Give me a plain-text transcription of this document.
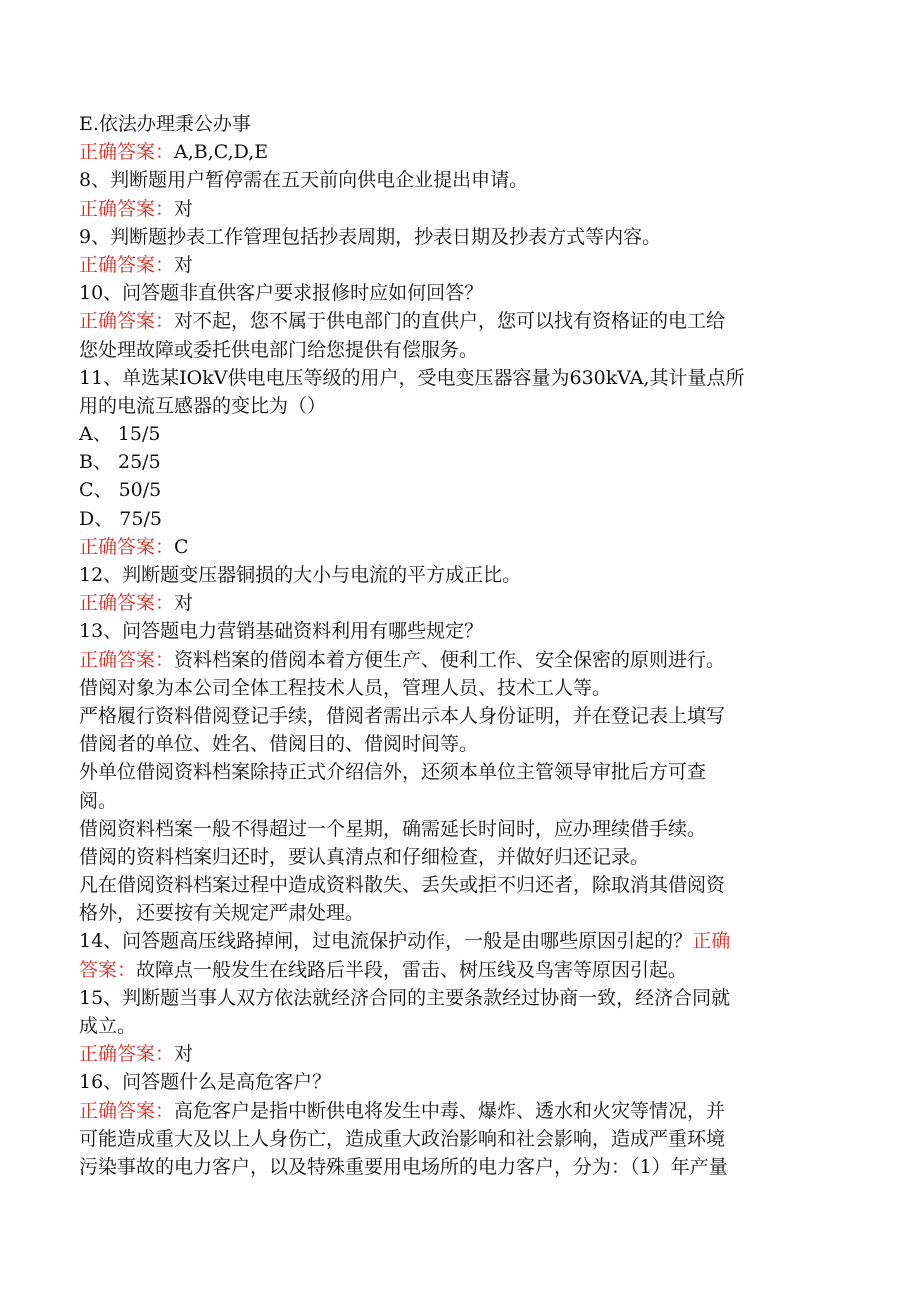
E.依法办理秉公办事
正确答案：A,B,C,D,E
8、判断题用户暂停需在五天前向供电企业提出申请。
正确答案：对
9、判断题抄表工作管理包括抄表周期，抄表日期及抄表方式等内容。
正确答案：对
10、问答题非直供客户要求报修时应如何回答？
正确答案：对不起，您不属于供电部门的直供户，您可以找有资格证的电工给
您处理故障或委托供电部门给您提供有偿服务。
11、单选某IOkV供电电压等级的用户，受电变压器容量为630kVA,其计量点所
用的电流互感器的变比为（）
A、 15/5
B、 25/5
C、 50/5
D、 75/5
正确答案：C
12、判断题变压器铜损的大小与电流的平方成正比。
正确答案：对
13、问答题电力营销基础资料利用有哪些规定？
正确答案：资料档案的借阅本着方便生产、便利工作、安全保密的原则进行。
借阅对象为本公司全体工程技术人员，管理人员、技术工人等。
严格履行资料借阅登记手续，借阅者需出示本人身份证明，并在登记表上填写
借阅者的单位、姓名、借阅目的、借阅时间等。
外单位借阅资料档案除持正式介绍信外，还须本单位主管领导审批后方可查
阅。
借阅资料档案一般不得超过一个星期，确需延长时间时，应办理续借手续。
借阅的资料档案归还时，要认真清点和仔细检查，并做好归还记录。
凡在借阅资料档案过程中造成资料散失、丢失或拒不归还者，除取消其借阅资
格外，还要按有关规定严肃处理。
14、问答题高压线路掉闸，过电流保护动作，一般是由哪些原因引起的？正确
答案：故障点一般发生在线路后半段，雷击、树压线及鸟害等原因引起。
15、判断题当事人双方依法就经济合同的主要条款经过协商一致，经济合同就
成立。
正确答案：对
16、问答题什么是高危客户？
正确答案：高危客户是指中断供电将发生中毒、爆炸、透水和火灾等情况，并
可能造成重大及以上人身伤亡，造成重大政治影响和社会影响，造成严重环境
污染事故的电力客户，以及特殊重要用电场所的电力客户，分为：（1）年产量
